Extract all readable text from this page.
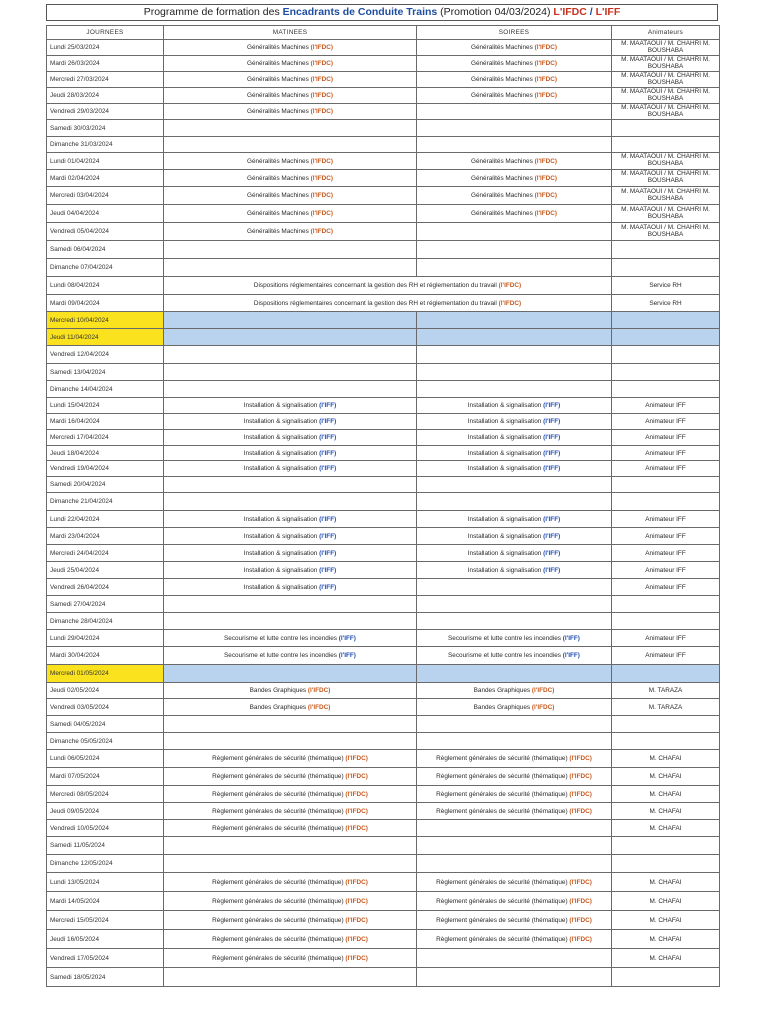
Programme de formation des Encadrants de Conduite Trains (Promotion 04/03/2024) L'IFDC / L'IFF
JOURNEES	MATINEES	SOIREES	Animateurs
Lundi 25/03/2024	Généralités Machines (l'IFDC)	Généralités Machines (l'IFDC)	M. MAATAOUI / M. CHAHRI M. BOUSHABA
Mardi 26/03/2024	Généralités Machines (l'IFDC)	Généralités Machines (l'IFDC)	M. MAATAOUI / M. CHAHRI M. BOUSHABA
Mercredi 27/03/2024	Généralités Machines (l'IFDC)	Généralités Machines (l'IFDC)	M. MAATAOUI / M. CHAHRI M. BOUSHABA
Jeudi 28/03/2024	Généralités Machines (l'IFDC)	Généralités Machines (l'IFDC)	M. MAATAOUI / M. CHAHRI M. BOUSHABA
Vendredi 29/03/2024	Généralités Machines (l'IFDC)		M. MAATAOUI / M. CHAHRI M. BOUSHABA
Samedi 30/03/2024			
Dimanche 31/03/2024			
Lundi 01/04/2024	Généralités Machines (l'IFDC)	Généralités Machines (l'IFDC)	M. MAATAOUI / M. CHAHRI M. BOUSHABA
Mardi 02/04/2024	Généralités Machines (l'IFDC)	Généralités Machines (l'IFDC)	M. MAATAOUI / M. CHAHRI M. BOUSHABA
Mercredi 03/04/2024	Généralités Machines (l'IFDC)	Généralités Machines (l'IFDC)	M. MAATAOUI / M. CHAHRI M. BOUSHABA
Jeudi 04/04/2024	Généralités Machines (l'IFDC)	Généralités Machines (l'IFDC)	M. MAATAOUI / M. CHAHRI M. BOUSHABA
Vendredi 05/04/2024	Généralités Machines (l'IFDC)		M. MAATAOUI / M. CHAHRI M. BOUSHABA
Samedi 06/04/2024			
Dimanche 07/04/2024			
Lundi 08/04/2024	Dispositions réglementaires concernant la gestion des RH et réglementation du travail (l'IFDC)		Service RH
Mardi 09/04/2024	Dispositions réglementaires concernant la gestion des RH et réglementation du travail (l'IFDC)		Service RH
Mercredi 10/04/2024			
Jeudi 11/04/2024			
Vendredi 12/04/2024			
Samedi 13/04/2024			
Dimanche 14/04/2024			
Lundi 15/04/2024	Installation & signalisation (l'IFF)	Installation & signalisation (l'IFF)	Animateur IFF
Mardi 16/04/2024	Installation & signalisation (l'IFF)	Installation & signalisation (l'IFF)	Animateur IFF
Mercredi 17/04/2024	Installation & signalisation (l'IFF)	Installation & signalisation (l'IFF)	Animateur IFF
Jeudi 18/04/2024	Installation & signalisation (l'IFF)	Installation & signalisation (l'IFF)	Animateur IFF
Vendredi 19/04/2024	Installation & signalisation (l'IFF)	Installation & signalisation (l'IFF)	Animateur IFF
Samedi 20/04/2024			
Dimanche 21/04/2024			
Lundi 22/04/2024	Installation & signalisation (l'IFF)	Installation & signalisation (l'IFF)	Animateur IFF
Mardi 23/04/2024	Installation & signalisation (l'IFF)	Installation & signalisation (l'IFF)	Animateur IFF
Mercredi 24/04/2024	Installation & signalisation (l'IFF)	Installation & signalisation (l'IFF)	Animateur IFF
Jeudi 25/04/2024	Installation & signalisation (l'IFF)	Installation & signalisation (l'IFF)	Animateur IFF
Vendredi 26/04/2024	Installation & signalisation (l'IFF)		Animateur IFF
Samedi 27/04/2024			
Dimanche 28/04/2024			
Lundi 29/04/2024	Secourisme et lutte contre les incendies (l'IFF)	Secourisme et lutte contre les incendies (l'IFF)	Animateur IFF
Mardi 30/04/2024	Secourisme et lutte contre les incendies (l'IFF)	Secourisme et lutte contre les incendies (l'IFF)	Animateur IFF
Mercredi 01/05/2024			
Jeudi 02/05/2024	Bandes Graphiques (l'IFDC)	Bandes Graphiques (l'IFDC)	M. TARAZA
Vendredi 03/05/2024	Bandes Graphiques (l'IFDC)	Bandes Graphiques (l'IFDC)	M. TARAZA
Samedi 04/05/2024			
Dimanche 05/05/2024			
Lundi 06/05/2024	Règlement générales de sécurité (thématique) (l'IFDC)	Règlement générales de sécurité (thématique) (l'IFDC)	M. CHAFAI
Mardi 07/05/2024	Règlement générales de sécurité (thématique) (l'IFDC)	Règlement générales de sécurité (thématique) (l'IFDC)	M. CHAFAI
Mercredi 08/05/2024	Règlement générales de sécurité (thématique) (l'IFDC)	Règlement générales de sécurité (thématique) (l'IFDC)	M. CHAFAI
Jeudi 09/05/2024	Règlement générales de sécurité (thématique) (l'IFDC)	Règlement générales de sécurité (thématique) (l'IFDC)	M. CHAFAI
Vendredi 10/05/2024	Règlement générales de sécurité (thématique) (l'IFDC)		M. CHAFAI
Samedi 11/05/2024			
Dimanche 12/05/2024			
Lundi 13/05/2024	Règlement générales de sécurité (thématique) (l'IFDC)	Règlement générales de sécurité (thématique) (l'IFDC)	M. CHAFAI
Mardi 14/05/2024	Règlement générales de sécurité (thématique) (l'IFDC)	Règlement générales de sécurité (thématique) (l'IFDC)	M. CHAFAI
Mercredi 15/05/2024	Règlement générales de sécurité (thématique) (l'IFDC)	Règlement générales de sécurité (thématique) (l'IFDC)	M. CHAFAI
Jeudi 16/05/2024	Règlement générales de sécurité (thématique) (l'IFDC)	Règlement générales de sécurité (thématique) (l'IFDC)	M. CHAFAI
Vendredi 17/05/2024	Règlement générales de sécurité (thématique) (l'IFDC)		M. CHAFAI
Samedi 18/05/2024			
